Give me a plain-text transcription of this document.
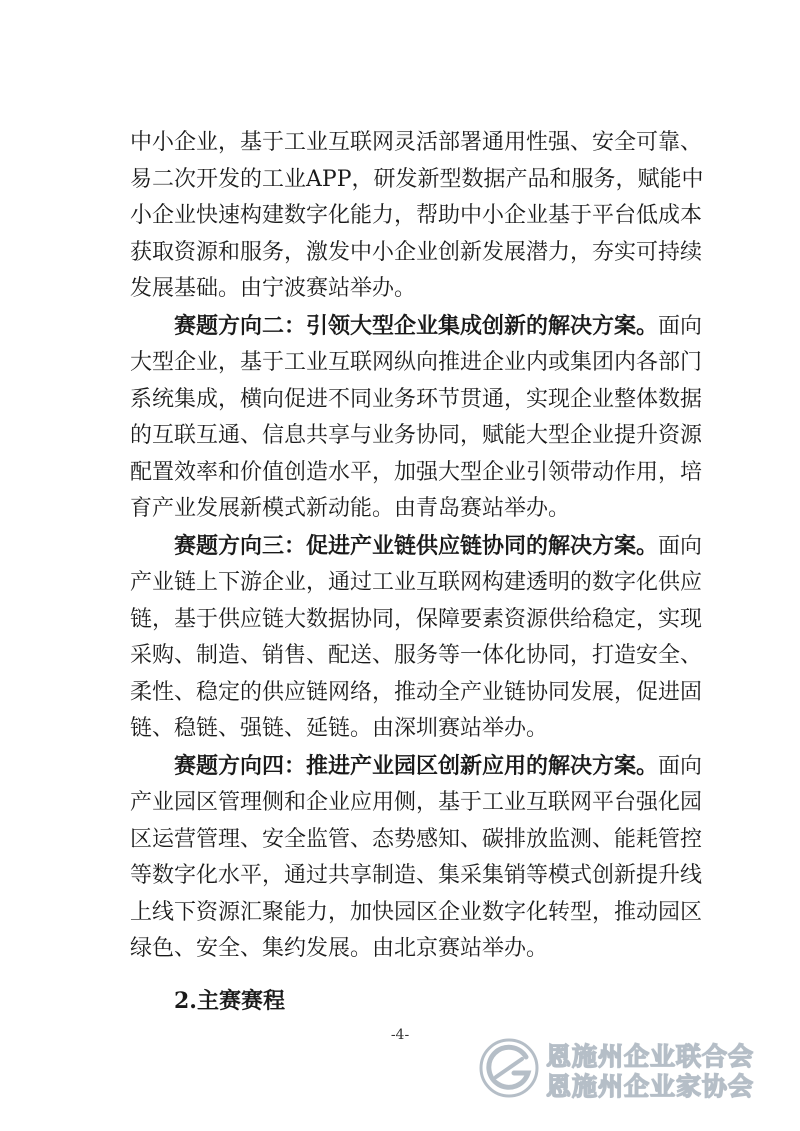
中小企业，基于工业互联网灵活部署通用性强、安全可靠、
易二次开发的工业APP，研发新型数据产品和服务，赋能中
小企业快速构建数字化能力，帮助中小企业基于平台低成本
获取资源和服务，激发中小企业创新发展潜力，夯实可持续
发展基础。由宁波赛站举办。
赛题方向二：引领大型企业集成创新的解决方案。面向
大型企业，基于工业互联网纵向推进企业内或集团内各部门
系统集成，横向促进不同业务环节贯通，实现企业整体数据
的互联互通、信息共享与业务协同，赋能大型企业提升资源
配置效率和价值创造水平，加强大型企业引领带动作用，培
育产业发展新模式新动能。由青岛赛站举办。
赛题方向三：促进产业链供应链协同的解决方案。面向
产业链上下游企业，通过工业互联网构建透明的数字化供应
链，基于供应链大数据协同，保障要素资源供给稳定，实现
采购、制造、销售、配送、服务等一体化协同，打造安全、
柔性、稳定的供应链网络，推动全产业链协同发展，促进固
链、稳链、强链、延链。由深圳赛站举办。
赛题方向四：推进产业园区创新应用的解决方案。面向
产业园区管理侧和企业应用侧，基于工业互联网平台强化园
区运营管理、安全监管、态势感知、碳排放监测、能耗管控
等数字化水平，通过共享制造、集采集销等模式创新提升线
上线下资源汇聚能力，加快园区企业数字化转型，推动园区
绿色、安全、集约发展。由北京赛站举办。
2.主赛赛程
-4-
恩施州企业联合会
恩施州企业家协会
